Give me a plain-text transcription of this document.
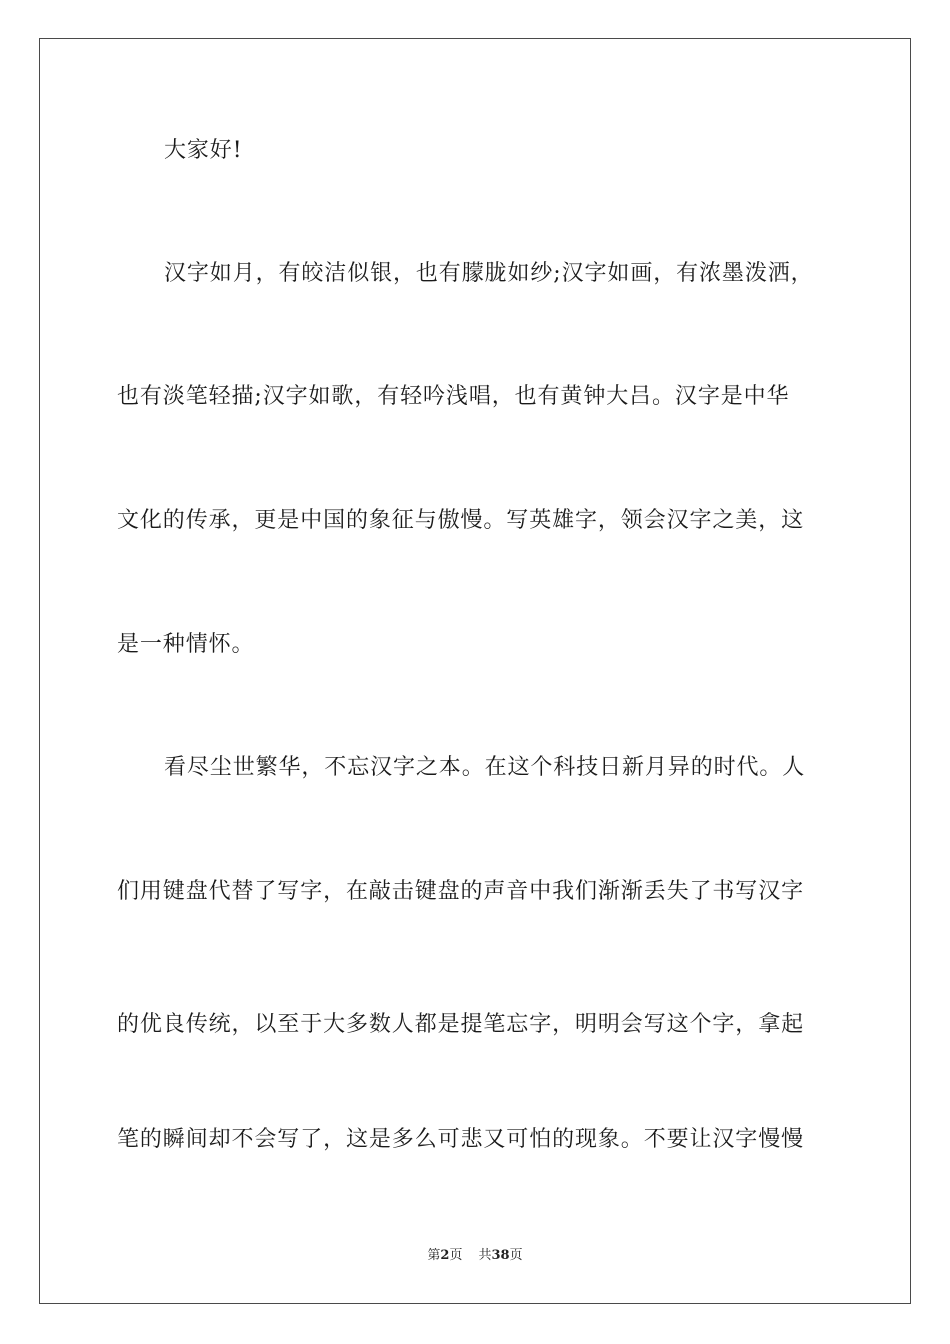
大家好!
汉字如月，有皎洁似银，也有朦胧如纱;汉字如画，有浓墨泼洒，
也有淡笔轻描;汉字如歌，有轻吟浅唱，也有黄钟大吕。汉字是中华
文化的传承，更是中国的象征与傲慢。写英雄字，领会汉字之美，这
是一种情怀。
看尽尘世繁华，不忘汉字之本。在这个科技日新月异的时代。人
们用键盘代替了写字，在敲击键盘的声音中我们渐渐丢失了书写汉字
的优良传统，以至于大多数人都是提笔忘字，明明会写这个字，拿起
笔的瞬间却不会写了，这是多么可悲又可怕的现象。不要让汉字慢慢
第2页 共38页
